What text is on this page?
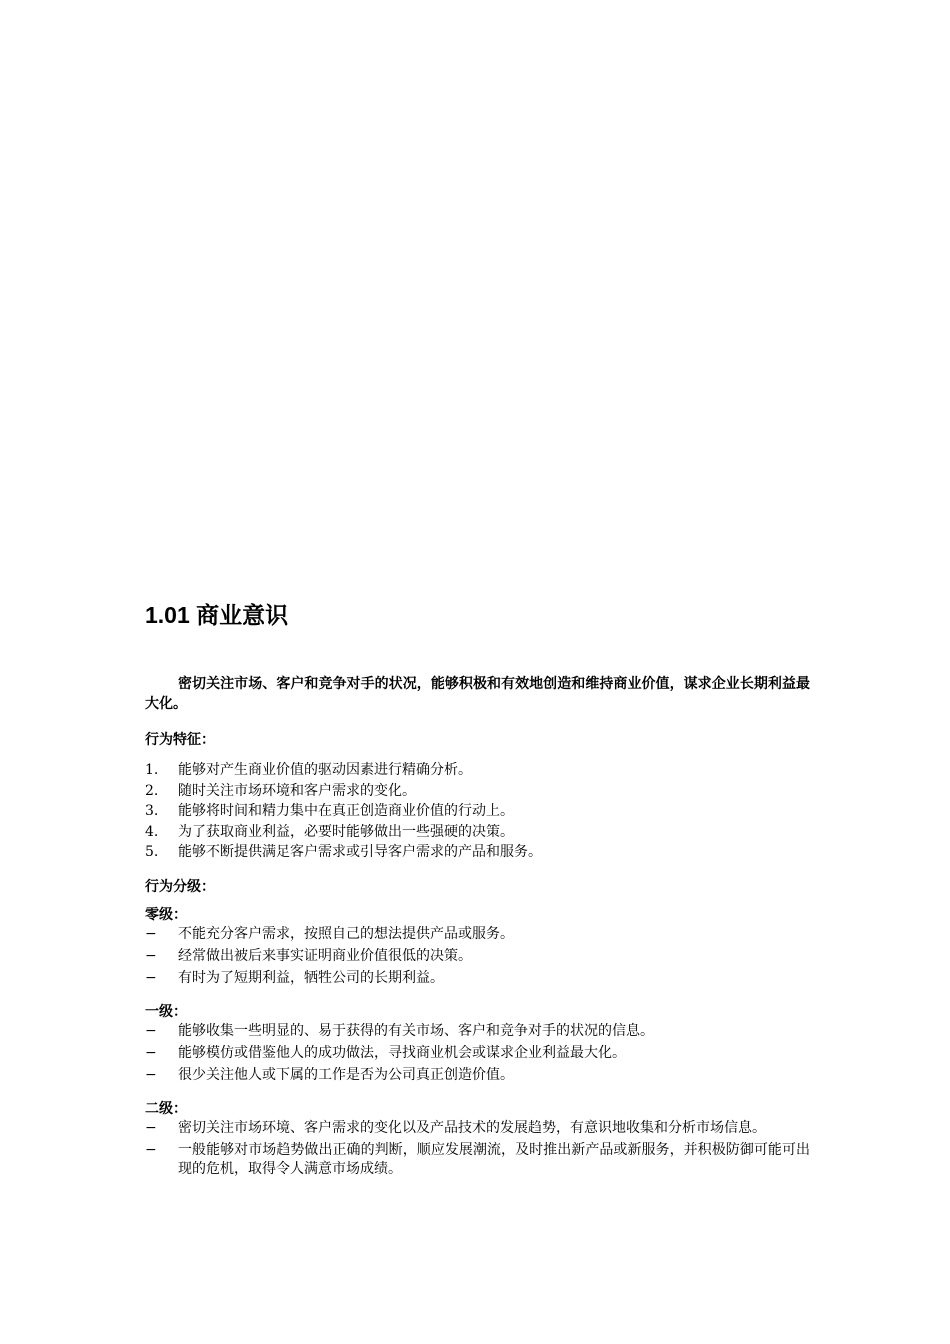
1.01 商业意识

密切关注市场、客户和竞争对手的状况，能够积极和有效地创造和维持商业价值，谋求企业长期利益最大化。

行为特征：
1. 能够对产生商业价值的驱动因素进行精确分析。
2. 随时关注市场环境和客户需求的变化。
3. 能够将时间和精力集中在真正创造商业价值的行动上。
4. 为了获取商业利益，必要时能够做出一些强硬的决策。
5. 能够不断提供满足客户需求或引导客户需求的产品和服务。
行为分级：
零级：
− 不能充分客户需求，按照自己的想法提供产品或服务。
− 经常做出被后来事实证明商业价值很低的决策。
− 有时为了短期利益，牺牲公司的长期利益。
一级：
− 能够收集一些明显的、易于获得的有关市场、客户和竞争对手的状况的信息。
− 能够模仿或借鉴他人的成功做法，寻找商业机会或谋求企业利益最大化。
− 很少关注他人或下属的工作是否为公司真正创造价值。
二级：
− 密切关注市场环境、客户需求的变化以及产品技术的发展趋势，有意识地收集和分析市场信息。
− 一般能够对市场趋势做出正确的判断，顺应发展潮流，及时推出新产品或新服务，并积极防御可能可出现的危机，取得令人满意市场成绩。
